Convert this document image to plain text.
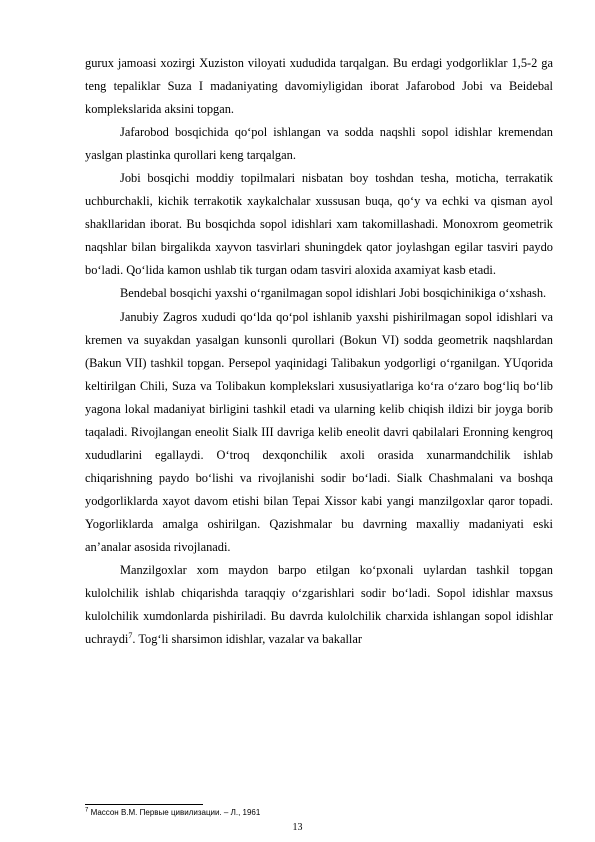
gurux jamoasi xozirgi Xuziston viloyati xududida tarqalgan. Bu erdagi yodgorliklar 1,5-2 ga teng tepaliklar Suza I madaniyating davomiyligidan iborat Jafarobod Jobi va Beidebal komplekslarida aksini topgan.

Jafarobod bosqichida qo‘pol ishlangan va sodda naqshli sopol idishlar kremendan yaslgan plastinka qurollari keng tarqalgan.

Jobi bosqichi moddiy topilmalari nisbatan boy toshdan tesha, moticha, terrakatik uchburchakli, kichik terrakotik xaykalchalar xussusan buqa, qo‘y va echki va qisman ayol shakllaridan iborat. Bu bosqichda sopol idishlari xam takomillashadi. Monoxrom geometrik naqshlar bilan birgalikda xayvon tasvirlari shuningdek qator joylashgan egilar tasviri paydo bo‘ladi. Qo‘lida kamon ushlab tik turgan odam tasviri aloxida axamiyat kasb etadi.

Bendebal bosqichi yaxshi o‘rganilmagan sopol idishlari Jobi bosqichinikiga o‘xshash.

Janubiy Zagros xududi qo‘lda qo‘pol ishlanib yaxshi pishirilmagan sopol idishlari va kremen va suyakdan yasalgan kunsonli qurollari (Bokun VI) sodda geometrik naqshlardan (Bakun VII) tashkil topgan. Persepol yaqinidagi Talibakun yodgorligi o‘rganilgan. YUqorida keltirilgan Chili, Suza va Tolibakun komplekslari xususiyatlariga ko‘ra o‘zaro bog‘liq bo‘lib yagona lokal madaniyat birligini tashkil etadi va ularning kelib chiqish ildizi bir joyga borib taqaladi. Rivojlangan eneolit Sialk III davriga kelib eneolit davri qabilalari Eronning kengroq xududlarini egallaydi. O‘troq dexqonchilik axoli orasida xunarmandchilik ishlab chiqarishning paydo bo‘lishi va rivojlanishi sodir bo‘ladi. Sialk Chashmalani va boshqa yodgorliklarda xayot davom etishi bilan Tepai Xissor kabi yangi manzilgoxlar qaror topadi. Yogorliklarda amalga oshirilgan. Qazishmalar bu davrning maxalliy madaniyati eski an’analar asosida rivojlanadi.

Manzilgoxlar xom maydon barpo etilgan ko‘pxonali uylardan tashkil topgan kulolchilik ishlab chiqarishda taraqqiy o‘zgarishlari sodir bo‘ladi. Sopol idishlar maxsus kulolchilik xumdonlarda pishiriladi. Bu davrda kulolchilik charxida ishlangan sopol idishlar uchraydi$^7$. Tog‘li sharsimon idishlar, vazalar va bakallar

$^7$ Массон В.М. Первые цивилизации. – Л., 1961
13
